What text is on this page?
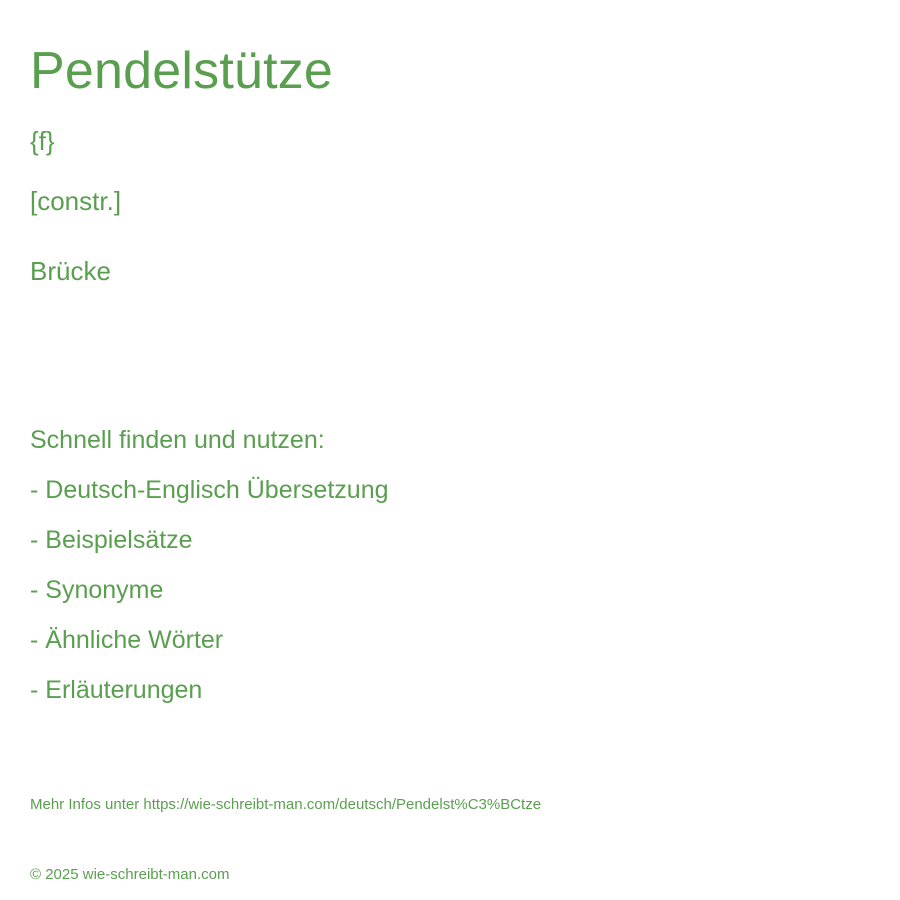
Pendelstütze
{f}
[constr.]
Brücke
Schnell finden und nutzen:
- Deutsch-Englisch Übersetzung
- Beispielsätze
- Synonyme
- Ähnliche Wörter
- Erläuterungen
Mehr Infos unter https://wie-schreibt-man.com/deutsch/Pendelst%C3%BCtze
© 2025 wie-schreibt-man.com
